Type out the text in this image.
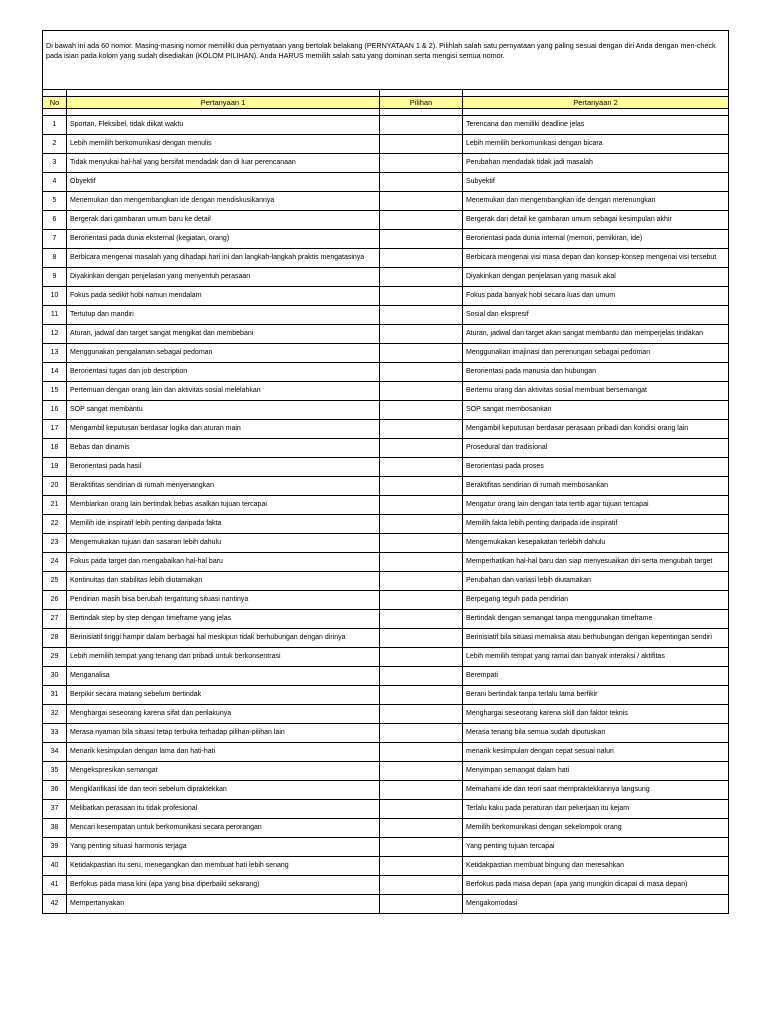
Di bawah ini ada 60 nomor. Masing-masing nomor memiliki dua pernyataan yang bertolak belakang (PERNYATAAN 1 & 2). Pilihlah salah satu pernyataan yang paling sesuai dengan diri Anda dengan men-check pada isian pada kolom yang sudah disediakan (KOLOM PILIHAN). Anda HARUS memilih salah satu yang dominan serta mengisi semua nomor.			

No	Pertanyaan 1	Pilihan	Pertanyaan 2

1	Sportan, Fleksibel, tidak diikat waktu		Terencana dan memiliki deadline jelas
2	Lebih memilih berkomunikasi dengan menulis		Lebih memilih berkomunikasi dengan bicara
3	Tidak menyukai hal-hal yang bersifat mendadak dan di luar perencanaan		Perubahan mendadak tidak jadi masalah
4	Obyektif		Subyektif
5	Menemukan dan mengembangkan ide dengan mendiskusikannya		Menemukan dan mengembangkan ide dengan merenungkan
6	Bergerak dari gambaran umum baru ke detail		Bergerak dari detail ke gambaran umum sebagai kesimpulan akhir
7	Berorientasi pada dunia eksternal (kegiatan, orang)		Berorientasi pada dunia internal (memori, pemikiran, ide)
8	Berbicara mengenai masalah yang dihadapi hari ini dan langkah-langkah praktis mengatasinya		Berbicara mengenai visi masa depan dan konsep-konsep mengenai visi tersebut
9	Diyakinkan dengan penjelasan yang menyentuh perasaan		Diyakinkan dengan penjelasan yang masuk akal
10	Fokus pada sedikit hobi namun mendalam		Fokus pada banyak hobi secara luas dan umum
11	Tertutup dan mandiri		Sosial dan ekspresif
12	Aturan, jadwal dan target sangat mengikat dan membebani		Aturan, jadwal dan target akan sangat membantu dan memperjelas tindakan
13	Menggunakan pengalaman sebagai pedoman		Menggunakan imajinasi dan perenungan sebagai pedoman
14	Berorientasi tugas dan job description		Berorientasi pada manusia dan hubungan
15	Pertemuan dengan orang lain dan aktivitas sosial melelahkan		Bertemu orang dan aktivitas sosial membuat bersemangat
16	SOP sangat membantu		SOP sangat membosankan
17	Mengambil keputusan berdasar logika dan aturan main		Mengambil keputusan berdasar perasaan pribadi dan kondisi orang lain
18	Bebas dan dinamis		Prosedural dan tradisional
19	Berorientasi pada hasil		Berorientasi pada proses
20	Beraktifitas sendirian di rumah menyenangkan		Beraktifitas sendirian di rumah membosankan
21	Membiarkan orang lain bertindak bebas asalkan tujuan tercapai		Mengatur orang lain dengan tata tertib agar tujuan tercapai
22	Memilih ide inspiratif lebih penting daripada fakta		Memilih fakta lebih penting daripada ide inspiratif
23	Mengemukakan tujuan dan sasaran lebih dahulu		Mengemukakan kesepakatan terlebih dahulu
24	Fokus pada target dan mengabaikan hal-hal baru		Memperhatikan hal-hal baru dan siap menyesuaikan diri serta mengubah target
25	Kontinuitas dan stabilitas lebih diutamakan		Perubahan dan variasi lebih diutamakan
26	Pendirian masih bisa berubah tergantung situasi nantinya		Berpegang teguh pada pendirian
27	Bertindak step by step dengan timeframe yang jelas		Bertindak dengan semangat tanpa menggunakan timeframe
28	Berinisiatif tinggi hampir dalam berbagai hal meskipun tidak berhubungan dengan dirinya		Berinisiatif bila situasi memaksa atau berhubungan dengan kepentingan sendiri
29	Lebih memilih tempat yang tenang dan pribadi untuk berkonsentrasi		Lebih memilih tempat yang ramai dan banyak interaksi / aktifitas
30	Menganalisa		Berempati
31	Berpikir secara matang sebelum bertindak		Berani bertindak tanpa terlalu lama berfikir
32	Menghargai seseorang karena sifat dan perilakunya		Menghargai seseorang karena skill dan faktor teknis
33	Merasa nyaman bila situasi tetap terbuka terhadap pilihan-pilihan lain		Merasa tenang bila semua sudah diputuskan
34	Menarik kesimpulan dengan lama dan hati-hati		menarik kesimpulan dengan cepat sesuai naluri
35	Mengekspresikan semangat		Menyimpan semangat dalam hati
36	Mengklarifikasi ide dan teori sebelum dipraktekkan		Memahami ide dan teori saat mempraktekkannya langsung
37	Melibatkan perasaan itu tidak profesional		Terlalu kaku pada peraturan dan pekerjaan itu kejam
38	Mencari kesempatan untuk berkomunikasi secara perorangan		Memilih berkomunikasi dengan sekelompok orang
39	Yang penting situasi harmonis terjaga		Yang penting tujuan tercapai
40	Ketidakpastian itu seru, menegangkan dan membuat hati lebih senang		Ketidakpastian membuat bingung dan meresahkan
41	Berfokus pada masa kini (apa yang bisa diperbaiki sekarang)		Berfokus pada masa depan (apa yang mungkin dicapai di masa depan)
42	Mempertanyakan		Mengakomodasi
